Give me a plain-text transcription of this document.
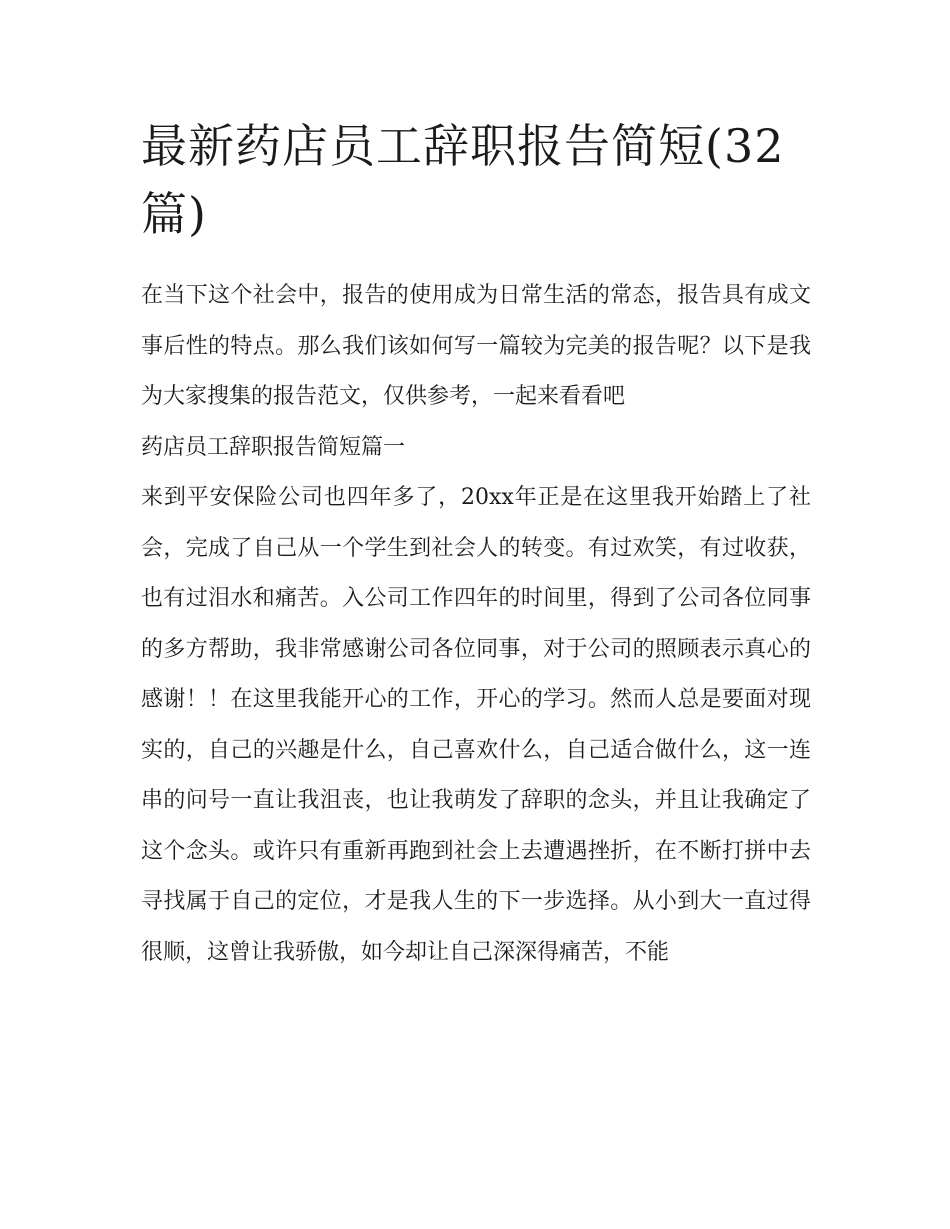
最新药店员工辞职报告简短(32篇)

在当下这个社会中，报告的使用成为日常生活的常态，报告具有成文事后性的特点。那么我们该如何写一篇较为完美的报告呢？以下是我为大家搜集的报告范文，仅供参考，一起来看看吧

药店员工辞职报告简短篇一

来到平安保险公司也四年多了，20xx年正是在这里我开始踏上了社会，完成了自己从一个学生到社会人的转变。有过欢笑，有过收获，也有过泪水和痛苦。入公司工作四年的时间里，得到了公司各位同事的多方帮助，我非常感谢公司各位同事，对于公司的照顾表示真心的感谢！！在这里我能开心的工作，开心的学习。然而人总是要面对现实的，自己的兴趣是什么，自己喜欢什么，自己适合做什么，这一连串的问号一直让我沮丧，也让我萌发了辞职的念头，并且让我确定了这个念头。或许只有重新再跑到社会上去遭遇挫折，在不断打拼中去寻找属于自己的定位，才是我人生的下一步选择。从小到大一直过得很顺，这曾让我骄傲，如今却让自己深深得痛苦，不能
